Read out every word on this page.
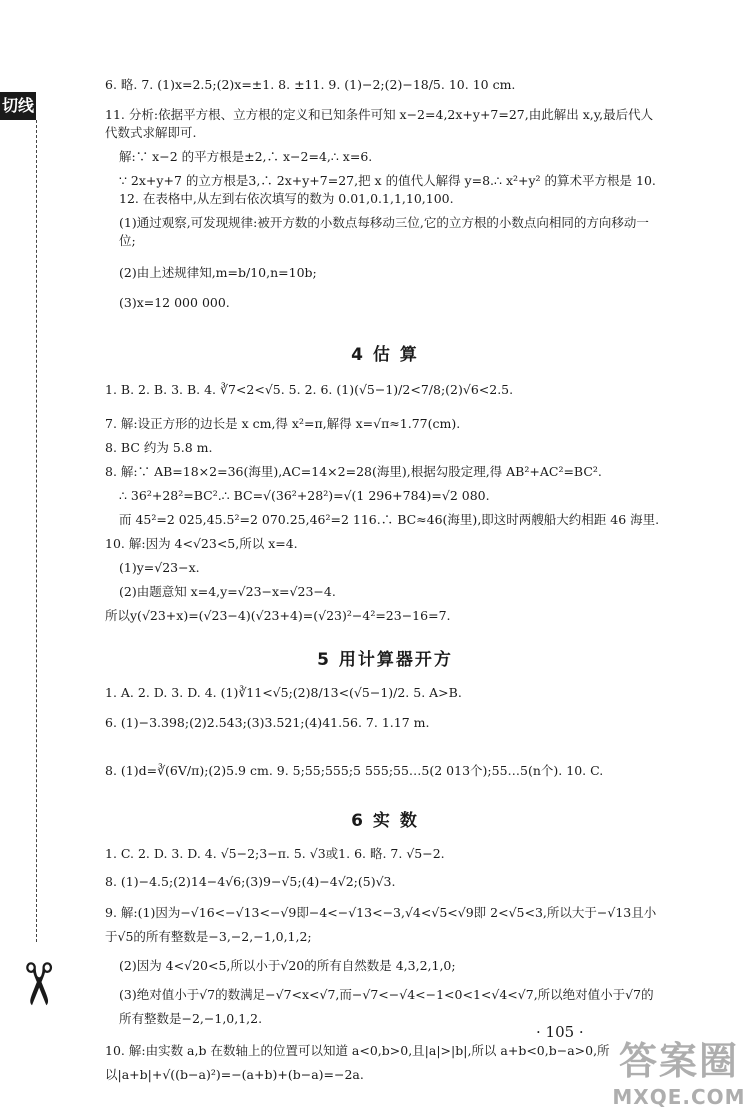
切线
✂
6. 略. 7. (1)x=2.5;(2)x=±1. 8. ±11. 9. (1)−2;(2)−18/5. 10. 10 cm.
11. 分析:依据平方根、立方根的定义和已知条件可知 x−2=4,2x+y+7=27,由此解出 x,y,最后代人代数式求解即可.
解:∵ x−2 的平方根是±2,∴ x−2=4,∴ x=6.
∵ 2x+y+7 的立方根是3,∴ 2x+y+7=27,把 x 的值代人解得 y=8.∴ x²+y² 的算术平方根是 10.
12. 在表格中,从左到右依次填写的数为 0.01,0.1,1,10,100.
(1)通过观察,可发现规律:被开方数的小数点每移动三位,它的立方根的小数点向相同的方向移动一位;
(2)由上述规律知,m=b/10,n=10b;
(3)x=12 000 000.
4 估 算
1. B. 2. B. 3. B. 4. ∛7<2<√5. 5. 2. 6. (1)(√5−1)/2<7/8;(2)√6<2.5.
7. 解:设正方形的边长是 x cm,得 x²=π,解得 x=√π≈1.77(cm).
8. BC 约为 5.8 m.
8. 解:∵ AB=18×2=36(海里),AC=14×2=28(海里),根据勾股定理,得 AB²+AC²=BC².
∴ 36²+28²=BC².∴ BC=√(36²+28²)=√(1 296+784)=√2 080.
而 45²=2 025,45.5²=2 070.25,46²=2 116.∴ BC≈46(海里),即这时两艘船大约相距 46 海里.
10. 解:因为 4<√23<5,所以 x=4.
(1)y=√23−x.
(2)由题意知 x=4,y=√23−x=√23−4.
所以y(√23+x)=(√23−4)(√23+4)=(√23)²−4²=23−16=7.
5 用计算器开方
1. A. 2. D. 3. D. 4. (1)∛11<√5;(2)8/13<(√5−1)/2. 5. A>B.
6. (1)−3.398;(2)2.543;(3)3.521;(4)41.56. 7. 1.17 m.
8. (1)d=∛(6V/π);(2)5.9 cm. 9. 5;55;555;5 555;55…5(2 013个);55…5(n个). 10. C.
6 实 数
1. C. 2. D. 3. D. 4. √5−2;3−π. 5. √3或1. 6. 略. 7. √5−2.
8. (1)−4.5;(2)14−4√6;(3)9−√5;(4)−4√2;(5)√3.
9. 解:(1)因为−√16<−√13<−√9即−4<−√13<−3,√4<√5<√9即 2<√5<3,所以大于−√13且小于√5的所有整数是−3,−2,−1,0,1,2;
(2)因为 4<√20<5,所以小于√20的所有自然数是 4,3,2,1,0;
(3)绝对值小于√7的数满足−√7<x<√7,而−√7<−√4<−1<0<1<√4<√7,所以绝对值小于√7的所有整数是−2,−1,0,1,2.
10. 解:由实数 a,b 在数轴上的位置可以知道 a<0,b>0,且|a|>|b|,所以 a+b<0,b−a>0,所以|a+b|+√((b−a)²)=−(a+b)+(b−a)=−2a.
· 105 ·
答案圈
MXQE.COM
